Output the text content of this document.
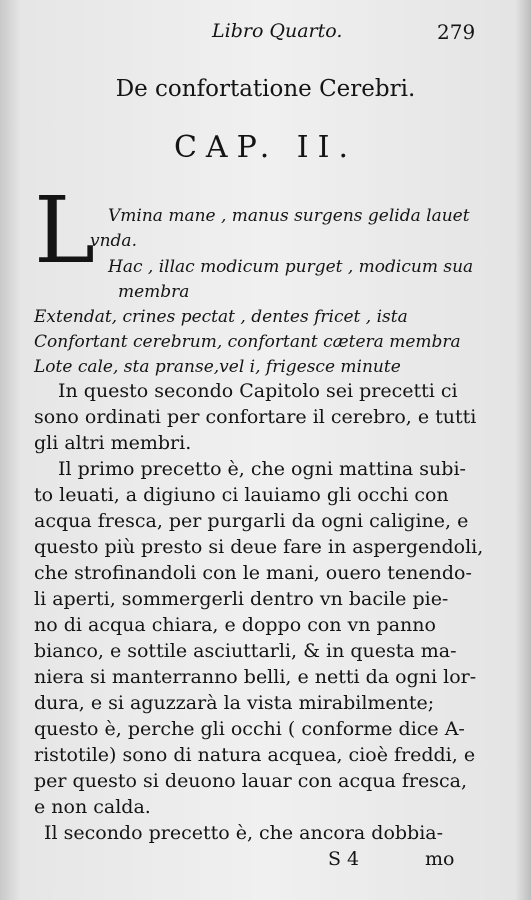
Libro Quarto.	279
De confortatione Cerebri.
CAP. II.
L Vmina mane , manus surgens gelida lauet
vnda.
Hac , illac modicum purget , modicum sua
membra
Extendat, crines pectat , dentes fricet , ista
Confortant cerebrum, confortant cætera membra
Lote cale, sta pranse,vel i, frigesce minute
In questo secondo Capitolo sei precetti ci
sono ordinati per confortare il cerebro, e tutti
gli altri membri.
Il primo precetto è, che ogni mattina subi-
to leuati, a digiuno ci lauiamo gli occhi con
acqua fresca, per purgarli da ogni caligine, e
questo più presto si deue fare in aspergendoli,
che strofinandoli con le mani, ouero tenendo-
li aperti, sommergerli dentro vn bacile pie-
no di acqua chiara, e doppo con vn panno
bianco, e sottile asciuttarli, & in questa ma-
niera si manterranno belli, e netti da ogni lor-
dura, e si aguzzarà la vista mirabilmente;
questo è, perche gli occhi ( conforme dice A-
ristotile) sono di natura acquea, cioè freddi, e
per questo si deuono lauar con acqua fresca,
e non calda.
Il secondo precetto è, che ancora dobbia-
S 4	mo
